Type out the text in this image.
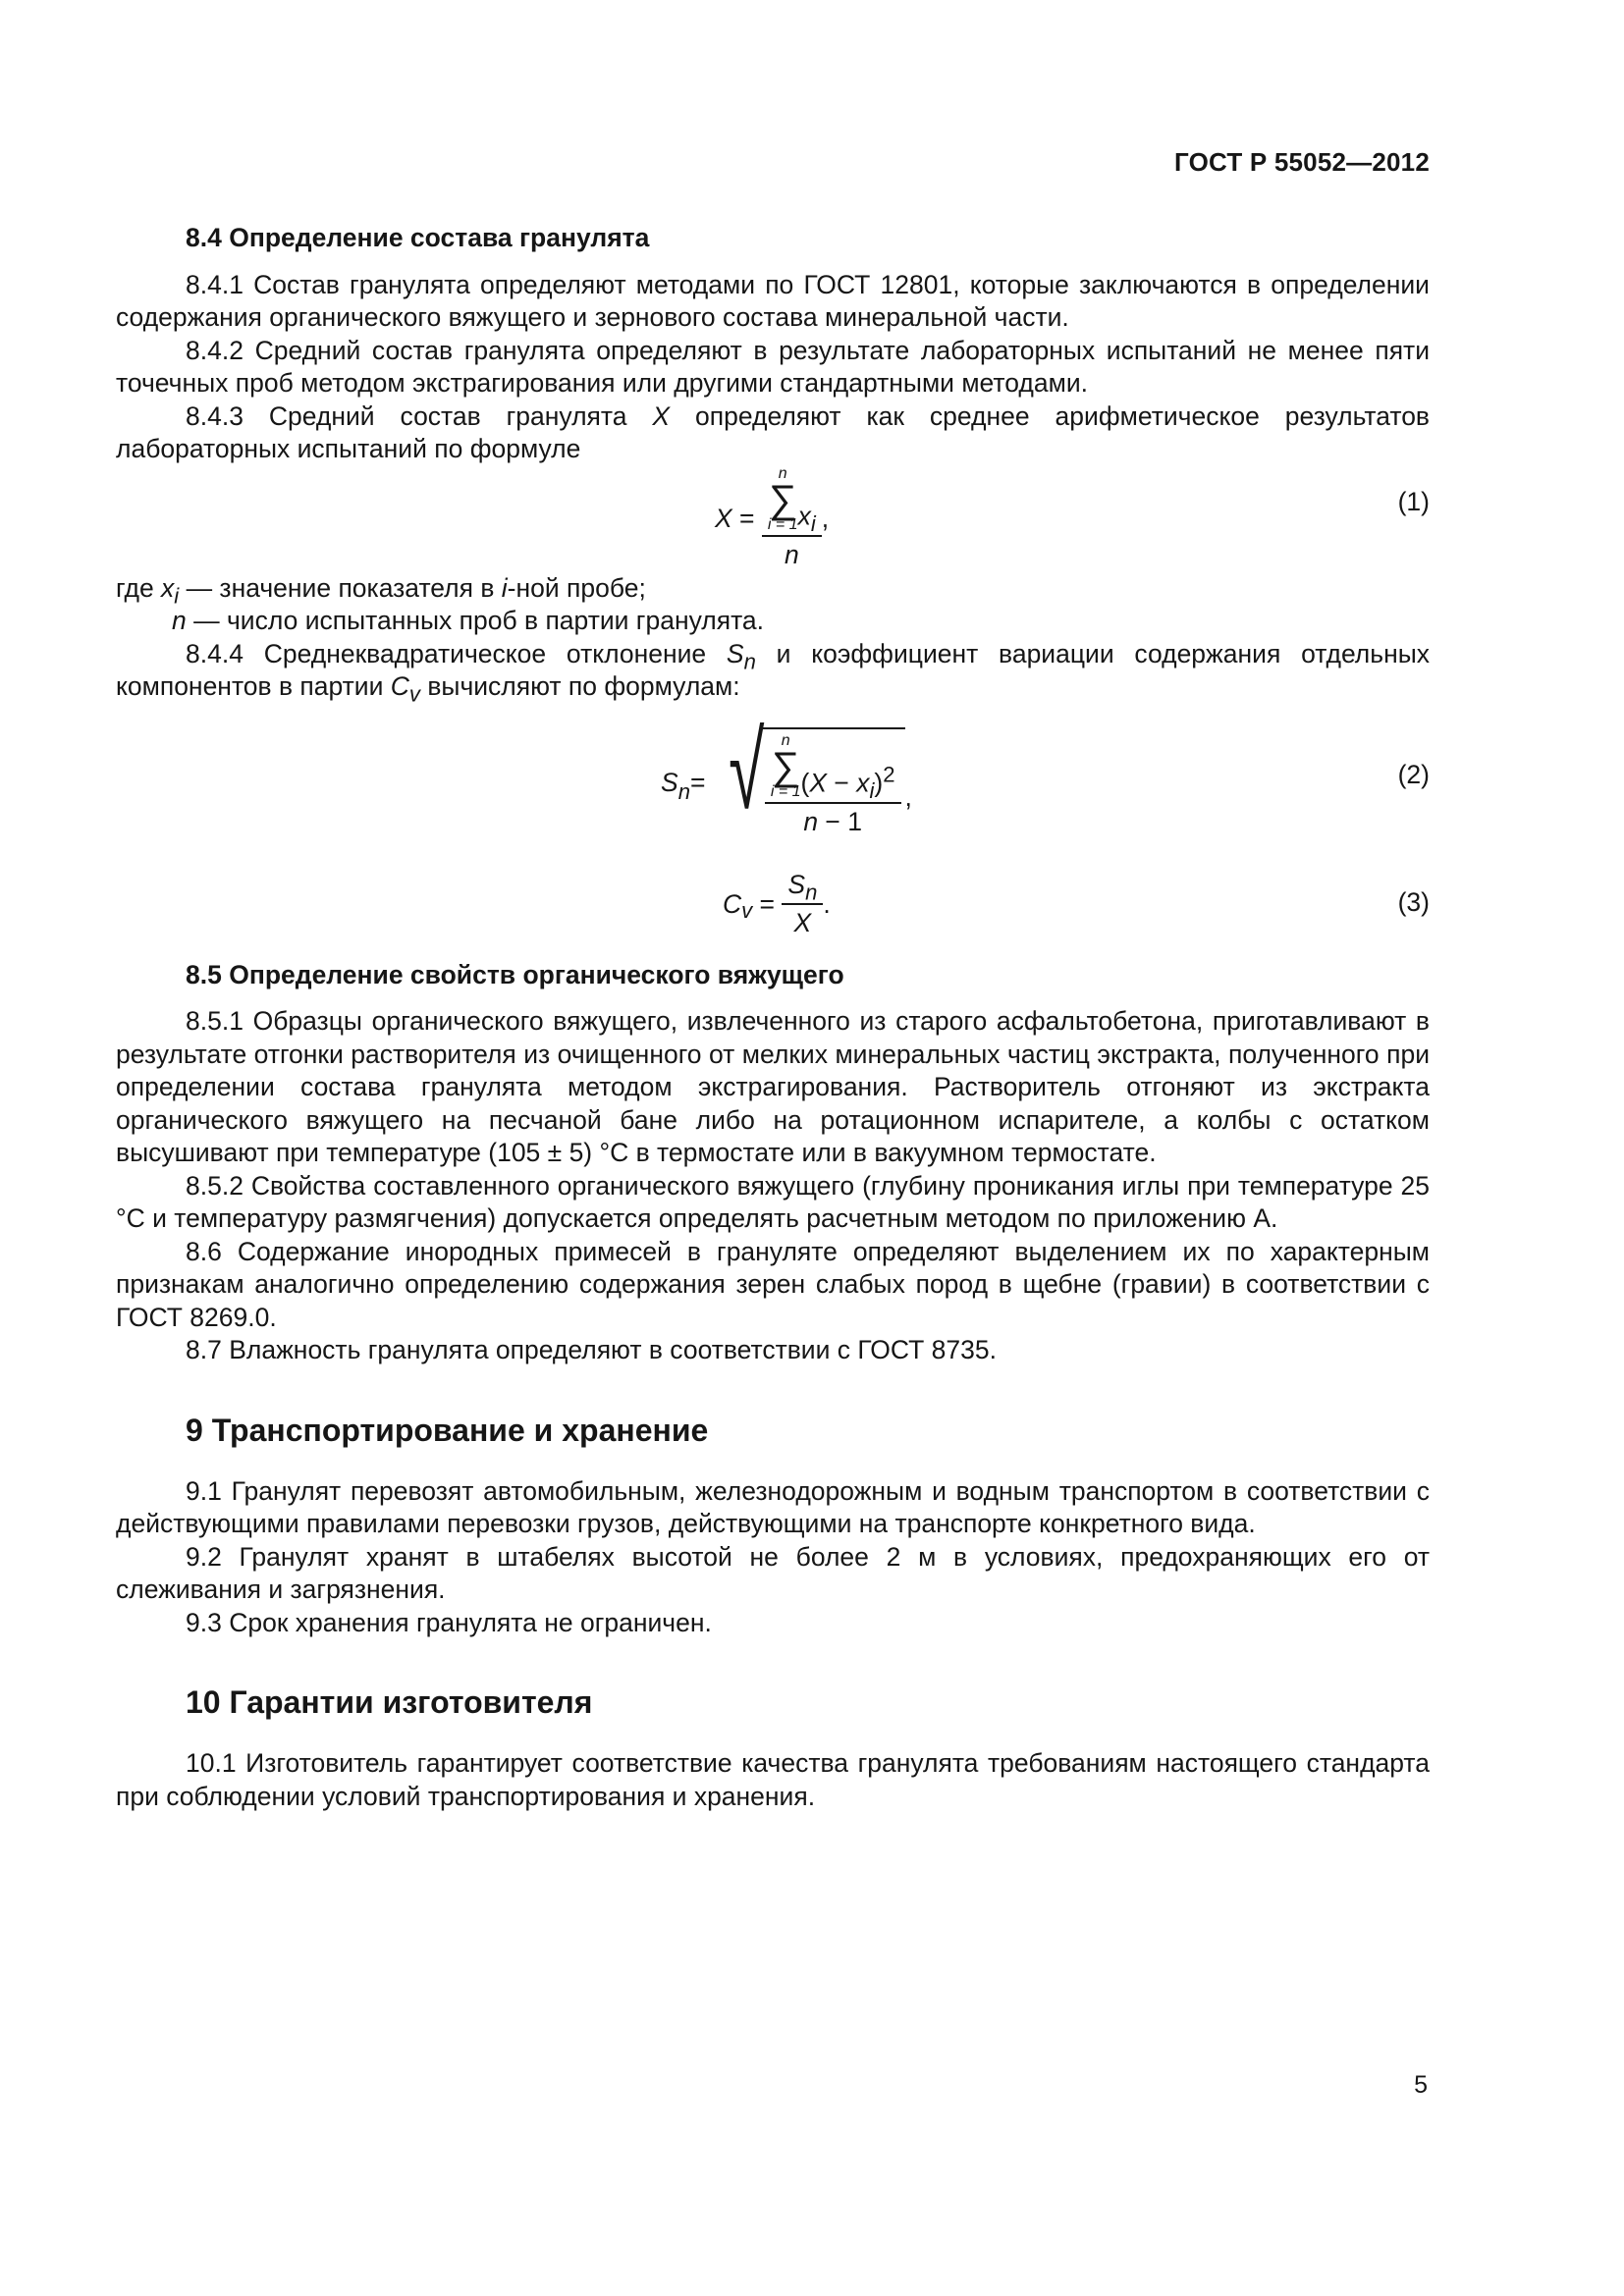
ГОСТ Р 55052—2012
8.4 Определение состава гранулята

8.4.1 Состав гранулята определяют методами по ГОСТ 12801, которые заключаются в определении содержания органического вяжущего и зернового состава минеральной части.

8.4.2 Средний состав гранулята определяют в результате лабораторных испытаний не менее пяти точечных проб методом экстрагирования или другими стандартными методами.

8.4.3 Средний состав гранулята X определяют как среднее арифметическое результатов лабораторных испытаний по формуле

X = n
∑
i = 1 $x_i$
n ,
(1)

где $x_i$ — значение показателя в i-ной пробе;

n — число испытанных проб в партии гранулята.

8.4.4 Среднеквадратическое отклонение $S_n$ и коэффициент вариации содержания отдельных компонентов в партии $C_v$ вычисляют по формулам:

S n = √ n
∑
i = 1 $(X - x_i)^2$
n − 1
,
(2)
$C_v = \frac{S_n}{X}$ .	(3)
8.5 Определение свойств органического вяжущего

8.5.1 Образцы органического вяжущего, извлеченного из старого асфальтобетона, приготавливают в результате отгонки растворителя из очищенного от мелких минеральных частиц экстракта, полученного при определении состава гранулята методом экстрагирования. Растворитель отгоняют из экстракта органического вяжущего на песчаной бане либо на ротационном испарителе, а колбы с остатком высушивают при температуре (105 ± 5) °С в термостате или в вакуумном термостате.

8.5.2 Свойства составленного органического вяжущего (глубину проникания иглы при температуре 25 °С и температуру размягчения) допускается определять расчетным методом по приложению А.

8.6 Содержание инородных примесей в грануляте определяют выделением их по характерным признакам аналогично определению содержания зерен слабых пород в щебне (гравии) в соответствии с ГОСТ 8269.0.

8.7 Влажность гранулята определяют в соответствии с ГОСТ 8735.

9 Транспортирование и хранение

9.1 Гранулят перевозят автомобильным, железнодорожным и водным транспортом в соответствии с действующими правилами перевозки грузов, действующими на транспорте конкретного вида.

9.2 Гранулят хранят в штабелях высотой не более 2 м в условиях, предохраняющих его от слеживания и загрязнения.

9.3 Срок хранения гранулята не ограничен.

10 Гарантии изготовителя

10.1 Изготовитель гарантирует соответствие качества гранулята требованиям настоящего стандарта при соблюдении условий транспортирования и хранения.

5
